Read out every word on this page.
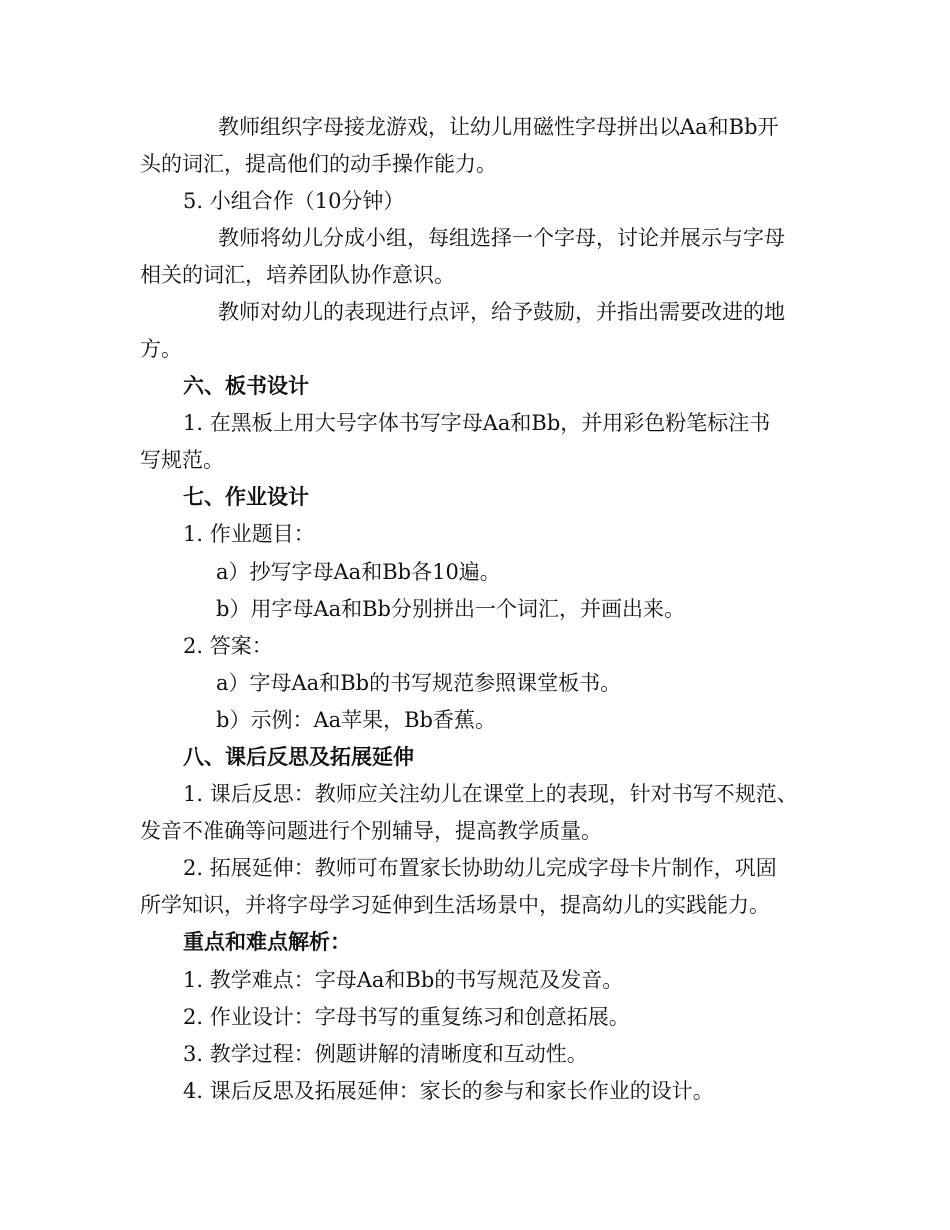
教师组织字母接龙游戏，让幼儿用磁性字母拼出以Aa和Bb开
头的词汇，提高他们的动手操作能力。
5. 小组合作（10分钟）
教师将幼儿分成小组，每组选择一个字母，讨论并展示与字母
相关的词汇，培养团队协作意识。
教师对幼儿的表现进行点评，给予鼓励，并指出需要改进的地
方。
六、板书设计
1. 在黑板上用大号字体书写字母Aa和Bb，并用彩色粉笔标注书
写规范。
七、作业设计
1. 作业题目：
a）抄写字母Aa和Bb各10遍。
b）用字母Aa和Bb分别拼出一个词汇，并画出来。
2. 答案：
a）字母Aa和Bb的书写规范参照课堂板书。
b）示例：Aa苹果，Bb香蕉。
八、课后反思及拓展延伸
1. 课后反思：教师应关注幼儿在课堂上的表现，针对书写不规范、
发音不准确等问题进行个别辅导，提高教学质量。
2. 拓展延伸：教师可布置家长协助幼儿完成字母卡片制作，巩固
所学知识，并将字母学习延伸到生活场景中，提高幼儿的实践能力。
重点和难点解析：
1. 教学难点：字母Aa和Bb的书写规范及发音。
2. 作业设计：字母书写的重复练习和创意拓展。
3. 教学过程：例题讲解的清晰度和互动性。
4. 课后反思及拓展延伸：家长的参与和家长作业的设计。
